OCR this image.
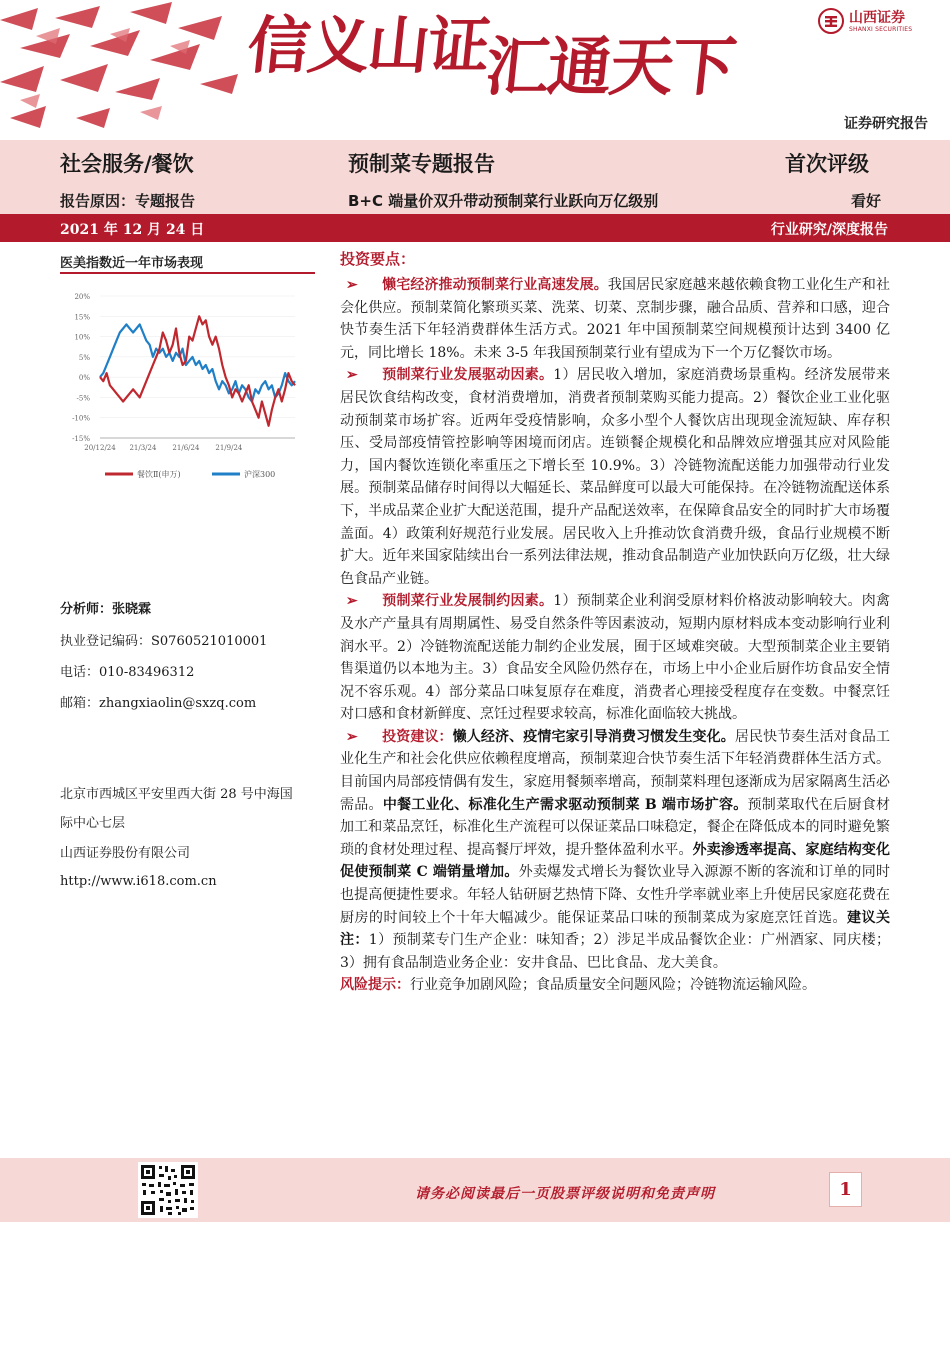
信义山证汇通天下
山西证券
SHANXI SECURITIES
证券研究报告
社会服务/餐饮	预制菜专题报告	首次评级
报告原因：专题报告	B+C 端量价双升带动预制菜行业跃向万亿级别	看好
2021 年 12 月 24 日	行业研究/深度报告
医美指数近一年市场表现
20%
15%
10%
5%
0%
-5%
-10%
-15%
20/12/24 21/3/24 21/6/24 21/9/24
餐饮Ⅱ(申万)	沪深300
分析师：张晓霖
执业登记编码：S0760521010001
电话：010-83496312
邮箱：zhangxiaolin@sxzq.com
北京市西城区平安里西大街 28 号中海国
际中心七层
山西证券股份有限公司
http://www.i618.com.cn
投资要点：

➢ 懒宅经济推动预制菜行业高速发展。我国居民家庭越来越依赖食物工业化生产和社会化供应。预制菜简化繁琐买菜、洗菜、切菜、烹制步骤，融合品质、营养和口感，迎合快节奏生活下年轻消费群体生活方式。2021 年中国预制菜空间规模预计达到 3400 亿元，同比增长 18%。未来 3-5 年我国预制菜行业有望成为下一个万亿餐饮市场。

➢ 预制菜行业发展驱动因素。1）居民收入增加，家庭消费场景重构。经济发展带来居民饮食结构改变，食材消费增加，消费者预制菜购买能力提高。2）餐饮企业工业化驱动预制菜市场扩容。近两年受疫情影响，众多小型个人餐饮店出现现金流短缺、库存积压、受局部疫情管控影响等困境而闭店。连锁餐企规模化和品牌效应增强其应对风险能力，国内餐饮连锁化率重压之下增长至 10.9%。3）冷链物流配送能力加强带动行业发展。预制菜品储存时间得以大幅延长、菜品鲜度可以最大可能保持。在冷链物流配送体系下，半成品菜企业扩大配送范围，提升产品配送效率，在保障食品安全的同时扩大市场覆盖面。4）政策利好规范行业发展。居民收入上升推动饮食消费升级，食品行业规模不断扩大。近年来国家陆续出台一系列法律法规，推动食品制造产业加快跃向万亿级，壮大绿色食品产业链。

➢ 预制菜行业发展制约因素。1）预制菜企业利润受原材料价格波动影响较大。肉禽及水产产量具有周期属性、易受自然条件等因素波动，短期内原材料成本变动影响行业利润水平。2）冷链物流配送能力制约企业发展，囿于区域难突破。大型预制菜企业主要销售渠道仍以本地为主。3）食品安全风险仍然存在，市场上中小企业后厨作坊食品安全情况不容乐观。4）部分菜品口味复原存在难度，消费者心理接受程度存在变数。中餐烹饪对口感和食材新鲜度、烹饪过程要求较高，标准化面临较大挑战。

➢ 投资建议：懒人经济、疫情宅家引导消费习惯发生变化。居民快节奏生活对食品工业化生产和社会化供应依赖程度增高，预制菜迎合快节奏生活下年轻消费群体生活方式。目前国内局部疫情偶有发生，家庭用餐频率增高，预制菜料理包逐渐成为居家隔离生活必需品。中餐工业化、标准化生产需求驱动预制菜 B 端市场扩容。预制菜取代在后厨食材加工和菜品烹饪，标准化生产流程可以保证菜品口味稳定，餐企在降低成本的同时避免繁琐的食材处理过程、提高餐厅坪效，提升整体盈利水平。外卖渗透率提高、家庭结构变化促使预制菜 C 端销量增加。外卖爆发式增长为餐饮业导入源源不断的客流和订单的同时也提高便捷性要求。年轻人钻研厨艺热情下降、女性升学率就业率上升使居民家庭花费在厨房的时间较上个十年大幅减少。能保证菜品口味的预制菜成为家庭烹饪首选。建议关注：1）预制菜专门生产企业：味知香；2）涉足半成品餐饮企业：广州酒家、同庆楼；3）拥有食品制造业务企业：安井食品、巴比食品、龙大美食。

风险提示：行业竞争加剧风险；食品质量安全问题风险；冷链物流运输风险。

请务必阅读最后一页股票评级说明和免责声明	1
